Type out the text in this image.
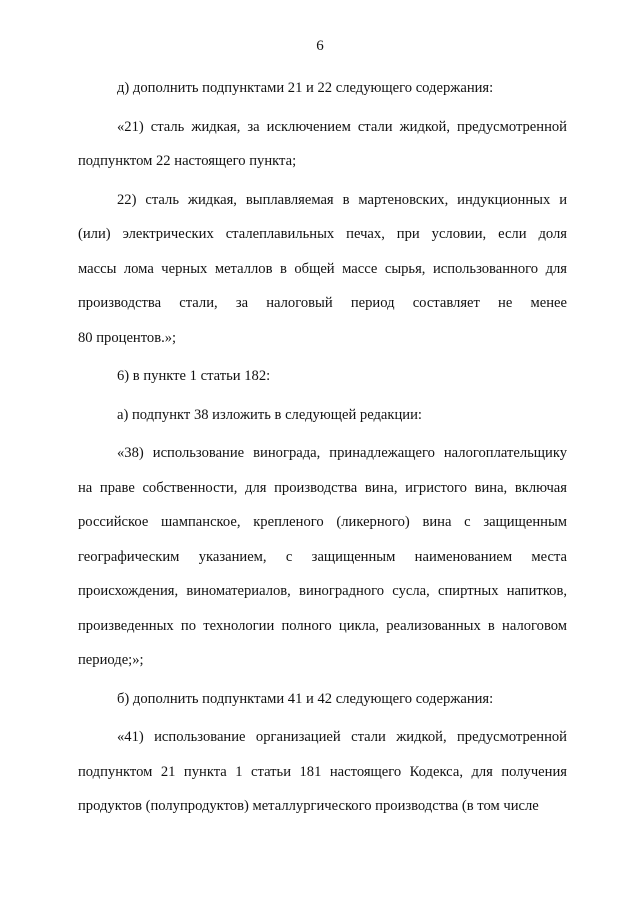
6
д) дополнить подпунктами 21 и 22 следующего содержания:
«21) сталь жидкая, за исключением стали жидкой, предусмотренной
подпунктом 22 настоящего пункта;
22) сталь жидкая, выплавляемая в мартеновских, индукционных и
(или) электрических сталеплавильных печах, при условии, если доля
массы лома черных металлов в общей массе сырья, использованного для
производства стали, за налоговый период составляет не менее
80 процентов.»;
6) в пункте 1 статьи 182:
а) подпункт 38 изложить в следующей редакции:
«38) использование винограда, принадлежащего налогоплательщику
на праве собственности, для производства вина, игристого вина, включая
российское шампанское, крепленого (ликерного) вина с защищенным
географическим указанием, с защищенным наименованием места
происхождения, виноматериалов, виноградного сусла, спиртных напитков,
произведенных по технологии полного цикла, реализованных в налоговом
периоде;»;
б) дополнить подпунктами 41 и 42 следующего содержания:
«41) использование организацией стали жидкой, предусмотренной
подпунктом 21 пункта 1 статьи 181 настоящего Кодекса, для получения
продуктов (полупродуктов) металлургического производства (в том числе
